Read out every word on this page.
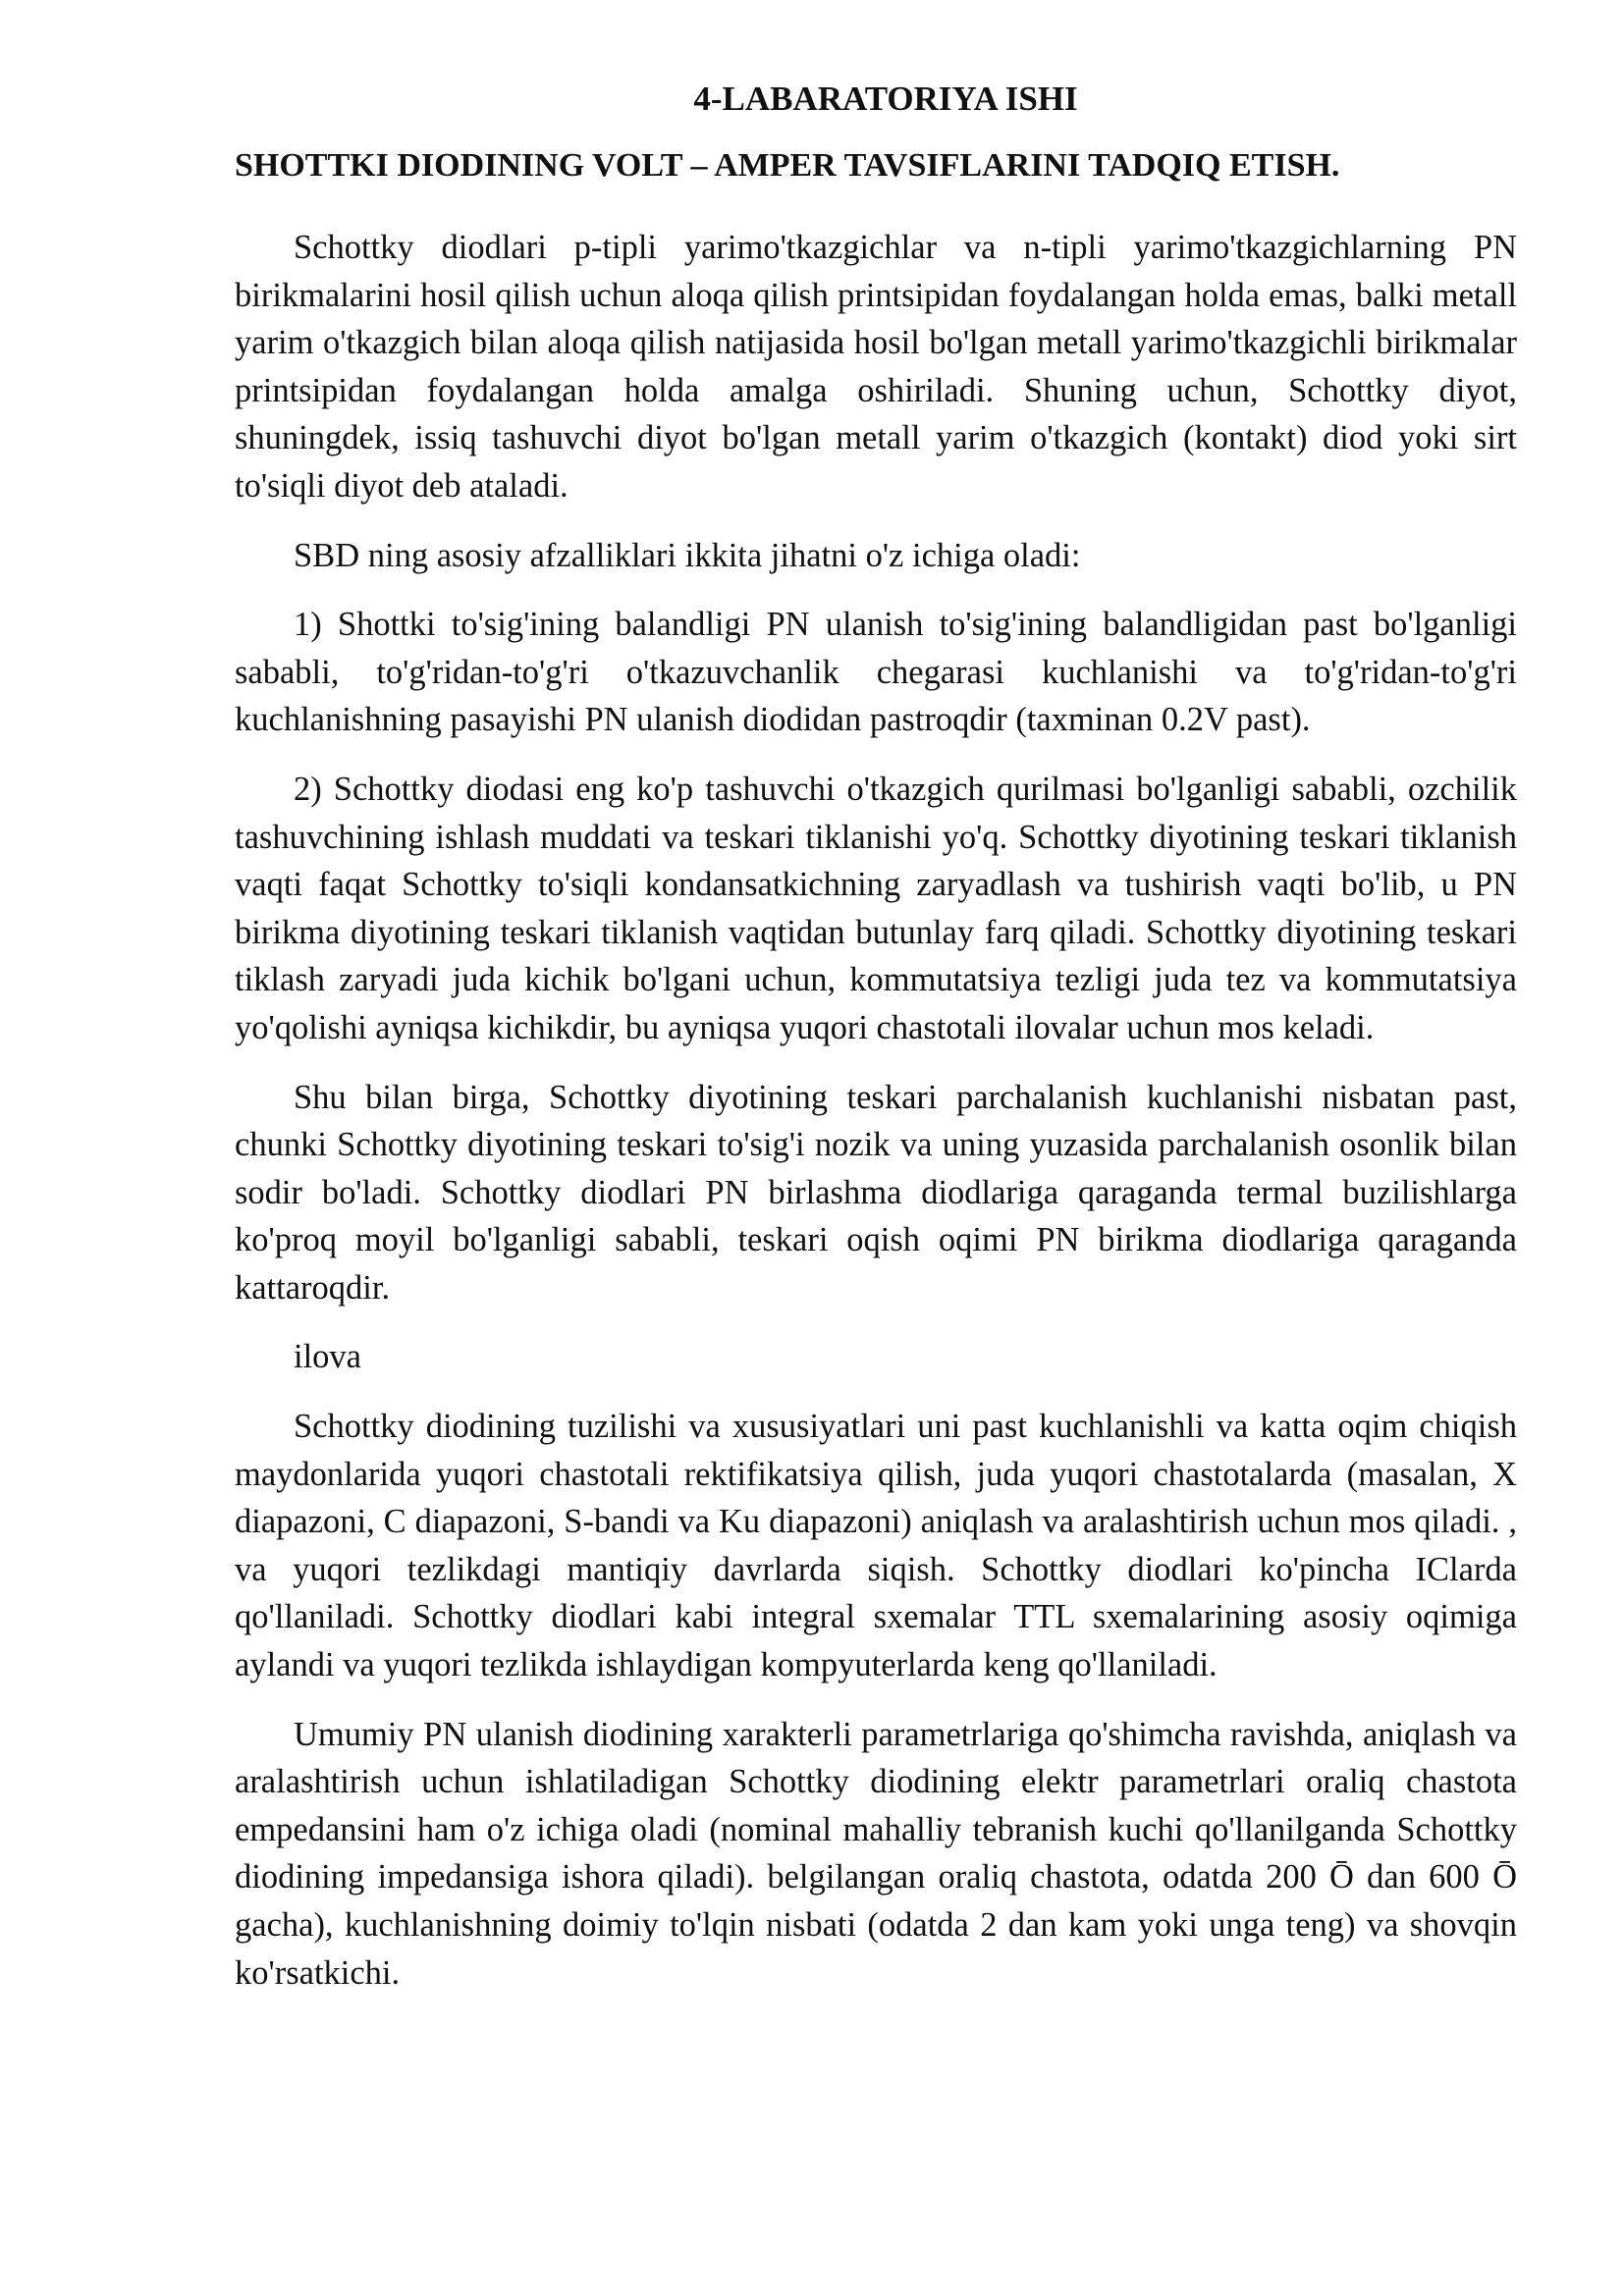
4-LABARATORIYA ISHI
SHOTTKI DIODINING VOLT – AMPER TAVSIFLARINI TADQIQ ETISH.

Schottky diodlari p-tipli yarimo'tkazgichlar va n-tipli yarimo'tkazgichlarning PN birikmalarini hosil qilish uchun aloqa qilish printsipidan foydalangan holda emas, balki metall yarim o'tkazgich bilan aloqa qilish natijasida hosil bo'lgan metall yarimo'tkazgichli birikmalar printsipidan foydalangan holda amalga oshiriladi. Shuning uchun, Schottky diyot, shuningdek, issiq tashuvchi diyot bo'lgan metall yarim o'tkazgich (kontakt) diod yoki sirt to'siqli diyot deb ataladi.

SBD ning asosiy afzalliklari ikkita jihatni o'z ichiga oladi:

1) Shottki to'sig'ining balandligi PN ulanish to'sig'ining balandligidan past bo'lganligi sababli, to'g'ridan-to'g'ri o'tkazuvchanlik chegarasi kuchlanishi va to'g'ridan-to'g'ri kuchlanishning pasayishi PN ulanish diodidan pastroqdir (taxminan 0.2V past).

2) Schottky diodasi eng ko'p tashuvchi o'tkazgich qurilmasi bo'lganligi sababli, ozchilik tashuvchining ishlash muddati va teskari tiklanishi yo'q. Schottky diyotining teskari tiklanish vaqti faqat Schottky to'siqli kondansatkichning zaryadlash va tushirish vaqti bo'lib, u PN birikma diyotining teskari tiklanish vaqtidan butunlay farq qiladi. Schottky diyotining teskari tiklash zaryadi juda kichik bo'lgani uchun, kommutatsiya tezligi juda tez va kommutatsiya yo'qolishi ayniqsa kichikdir, bu ayniqsa yuqori chastotali ilovalar uchun mos keladi.

Shu bilan birga, Schottky diyotining teskari parchalanish kuchlanishi nisbatan past, chunki Schottky diyotining teskari to'sig'i nozik va uning yuzasida parchalanish osonlik bilan sodir bo'ladi. Schottky diodlari PN birlashma diodlariga qaraganda termal buzilishlarga ko'proq moyil bo'lganligi sababli, teskari oqish oqimi PN birikma diodlariga qaraganda kattaroqdir.

ilova

Schottky diodining tuzilishi va xususiyatlari uni past kuchlanishli va katta oqim chiqish maydonlarida yuqori chastotali rektifikatsiya qilish, juda yuqori chastotalarda (masalan, X diapazoni, C diapazoni, S-bandi va Ku diapazoni) aniqlash va aralashtirish uchun mos qiladi. , va yuqori tezlikdagi mantiqiy davrlarda siqish. Schottky diodlari ko'pincha IClarda qo'llaniladi. Schottky diodlari kabi integral sxemalar TTL sxemalarining asosiy oqimiga aylandi va yuqori tezlikda ishlaydigan kompyuterlarda keng qo'llaniladi.

Umumiy PN ulanish diodining xarakterli parametrlariga qo'shimcha ravishda, aniqlash va aralashtirish uchun ishlatiladigan Schottky diodining elektr parametrlari oraliq chastota empedansini ham o'z ichiga oladi (nominal mahalliy tebranish kuchi qo'llanilganda Schottky diodining impedansiga ishora qiladi). belgilangan oraliq chastota, odatda 200 Ō dan 600 Ō gacha), kuchlanishning doimiy to'lqin nisbati (odatda 2 dan kam yoki unga teng) va shovqin ko'rsatkichi.
